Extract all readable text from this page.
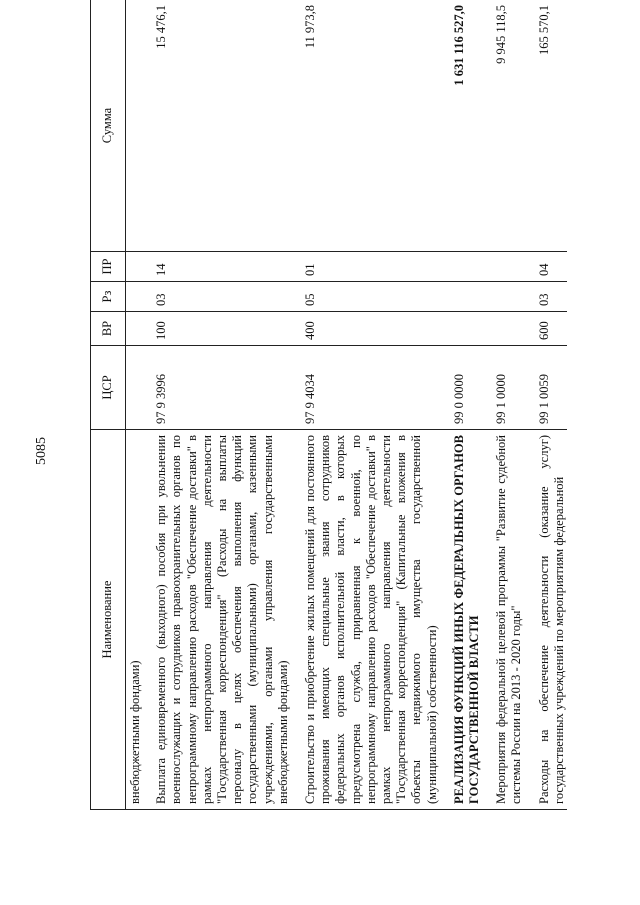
5085
Наименование	ЦСР	ВР	Рз	ПР	Сумма
внебюджетными фондами)					
Выплата единовременного (выходного) пособия при увольнении военнослужащих и сотрудников правоохранительных органов по непрограммному направлению расходов "Обеспечение доставки" в рамках непрограммного направления деятельности "Государственная корреспонденция" (Расходы на выплаты персоналу в целях обеспечения выполнения функций государственными (муниципальными) органами, казенными учреждениями, органами управления государственными внебюджетными фондами)	97 9 3996	100	03	14	15 476,1
Строительство и приобретение жилых помещений для постоянного проживания имеющих специальные звания сотрудников федеральных органов исполнительной власти, в которых предусмотрена служба, приравненная к военной, по непрограммному направлению расходов "Обеспечение доставки" в рамках непрограммного направления деятельности "Государственная корреспонденция" (Капитальные вложения в объекты недвижимого имущества государственной (муниципальной) собственности)	97 9 4034	400	05	01	11 973,8
РЕАЛИЗАЦИЯ ФУНКЦИЙ ИНЫХ ФЕДЕРАЛЬНЫХ ОРГАНОВ ГОСУДАРСТВЕННОЙ ВЛАСТИ	99 0 0000				1 631 116 527,0
Мероприятия федеральной целевой программы "Развитие судебной системы России на 2013 - 2020 годы"	99 1 0000				9 945 118,5
Расходы на обеспечение деятельности (оказание услуг) государственных учреждений по мероприятиям федеральной	99 1 0059	600	03	04	165 570,1
